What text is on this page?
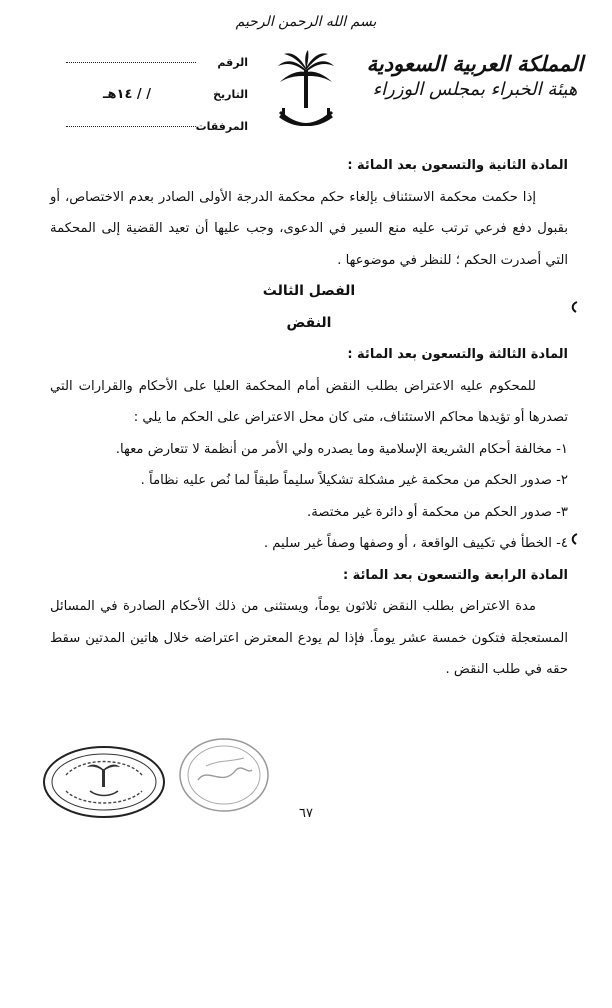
بسم الله الرحمن الرحيم
المملكة العربية السعودية
هيئة الخبراء بمجلس الوزراء
الرقم
التاريخ
/ / ١٤هـ
المرفقات

المادة الثانية والتسعون بعد المائة :

إذا حكمت محكمة الاستئناف بإلغاء حكم محكمة الدرجة الأولى الصادر بعدم الاختصاص، أو بقبول دفع فرعي ترتب عليه منع السير في الدعوى، وجب عليها أن تعيد القضية إلى المحكمة التي أصدرت الحكم ؛ للنظر في موضوعها .

الفصل الثالث

النقض

المادة الثالثة والتسعون بعد المائة :

للمحكوم عليه الاعتراض بطلب النقض أمام المحكمة العليا على الأحكام والقرارات التي تصدرها أو تؤيدها محاكم الاستئناف، متى كان محل الاعتراض على الحكم ما يلي :

١- مخالفة أحكام الشريعة الإسلامية وما يصدره ولي الأمر من أنظمة لا تتعارض معها.

٢- صدور الحكم من محكمة غير مشكلة تشكيلاً سليماً طبقاً لما نُص عليه نظاماً .

٣- صدور الحكم من محكمة أو دائرة غير مختصة.

٤- الخطأ في تكييف الواقعة ، أو وصفها وصفاً غير سليم .

المادة الرابعة والتسعون بعد المائة :

مدة الاعتراض بطلب النقض ثلاثون يوماً، ويستثنى من ذلك الأحكام الصادرة في المسائل المستعجلة فتكون خمسة عشر يوماً. فإذا لم يودع المعترض اعتراضه خلال هاتين المدتين سقط حقه في طلب النقض .

٦٧
